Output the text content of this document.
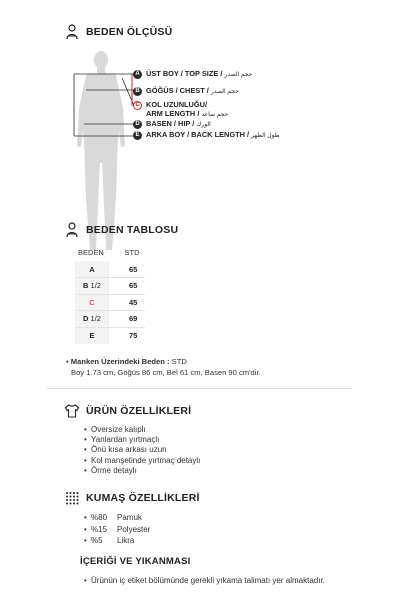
BEDEN ÖLÇÜSÜ
A ÜST BOY / TOP SIZE / حجم الصدر
B GÖĞÜS / CHEST / حجم الصدر
C KOL UZUNLUĞU/
ARM LENGTH / حجم ساعد
D BASEN / HIP / الورك
E ARKA BOY / BACK LENGTH / طول الظهر
BEDEN TABLOSU
BEDEN	STD
A	65
B 1/2	65
C	45
D 1/2	69
E	75
• Manken Üzerindeki Beden : STD
Boy 1.73 cm, Göğüs 86 cm, Bel 61 cm, Basen 90 cm'dir.
ÜRÜN ÖZELLİKLERİ
• Oversize kalıplı
• Yanlardan yırtmaçlı
• Önü kısa arkası uzun
• Kol manşetinde yırtmaç detaylı
• Örme detaylı
KUMAŞ ÖZELLİKLERİ
• %80 Pamuk
• %15 Polyester
• %5 Likra
İÇERİĞİ VE YIKANMASI
• Ürünün iç etiket bölümünde gerekli yıkama talimatı yer almaktadır.
